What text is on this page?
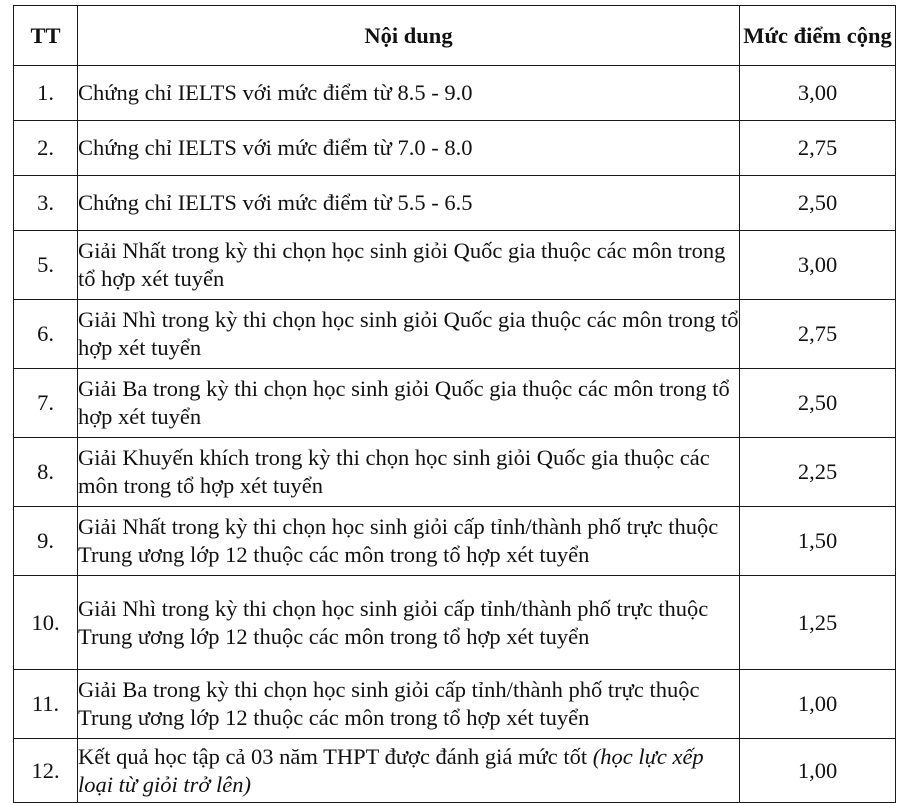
TT	Nội dung	Mức điểm cộng
1.	Chứng chỉ IELTS với mức điểm từ 8.5 - 9.0	3,00
2.	Chứng chỉ IELTS với mức điểm từ 7.0 - 8.0	2,75
3.	Chứng chỉ IELTS với mức điểm từ 5.5 - 6.5	2,50
5.	Giải Nhất trong kỳ thi chọn học sinh giỏi Quốc gia thuộc các môn trong tổ hợp xét tuyển	3,00
6.	Giải Nhì trong kỳ thi chọn học sinh giỏi Quốc gia thuộc các môn trong tổ hợp xét tuyển	2,75
7.	Giải Ba trong kỳ thi chọn học sinh giỏi Quốc gia thuộc các môn trong tổ hợp xét tuyển	2,50
8.	Giải Khuyến khích trong kỳ thi chọn học sinh giỏi Quốc gia thuộc các môn trong tổ hợp xét tuyển	2,25
9.	Giải Nhất trong kỳ thi chọn học sinh giỏi cấp tỉnh/thành phố trực thuộc Trung ương lớp 12 thuộc các môn trong tổ hợp xét tuyển	1,50
10.	Giải Nhì trong kỳ thi chọn học sinh giỏi cấp tỉnh/thành phố trực thuộc Trung ương lớp 12 thuộc các môn trong tổ hợp xét tuyển	1,25
11.	Giải Ba trong kỳ thi chọn học sinh giỏi cấp tỉnh/thành phố trực thuộc Trung ương lớp 12 thuộc các môn trong tổ hợp xét tuyển	1,00
12.	Kết quả học tập cả 03 năm THPT được đánh giá mức tốt (học lực xếp loại từ giỏi trở lên)	1,00
